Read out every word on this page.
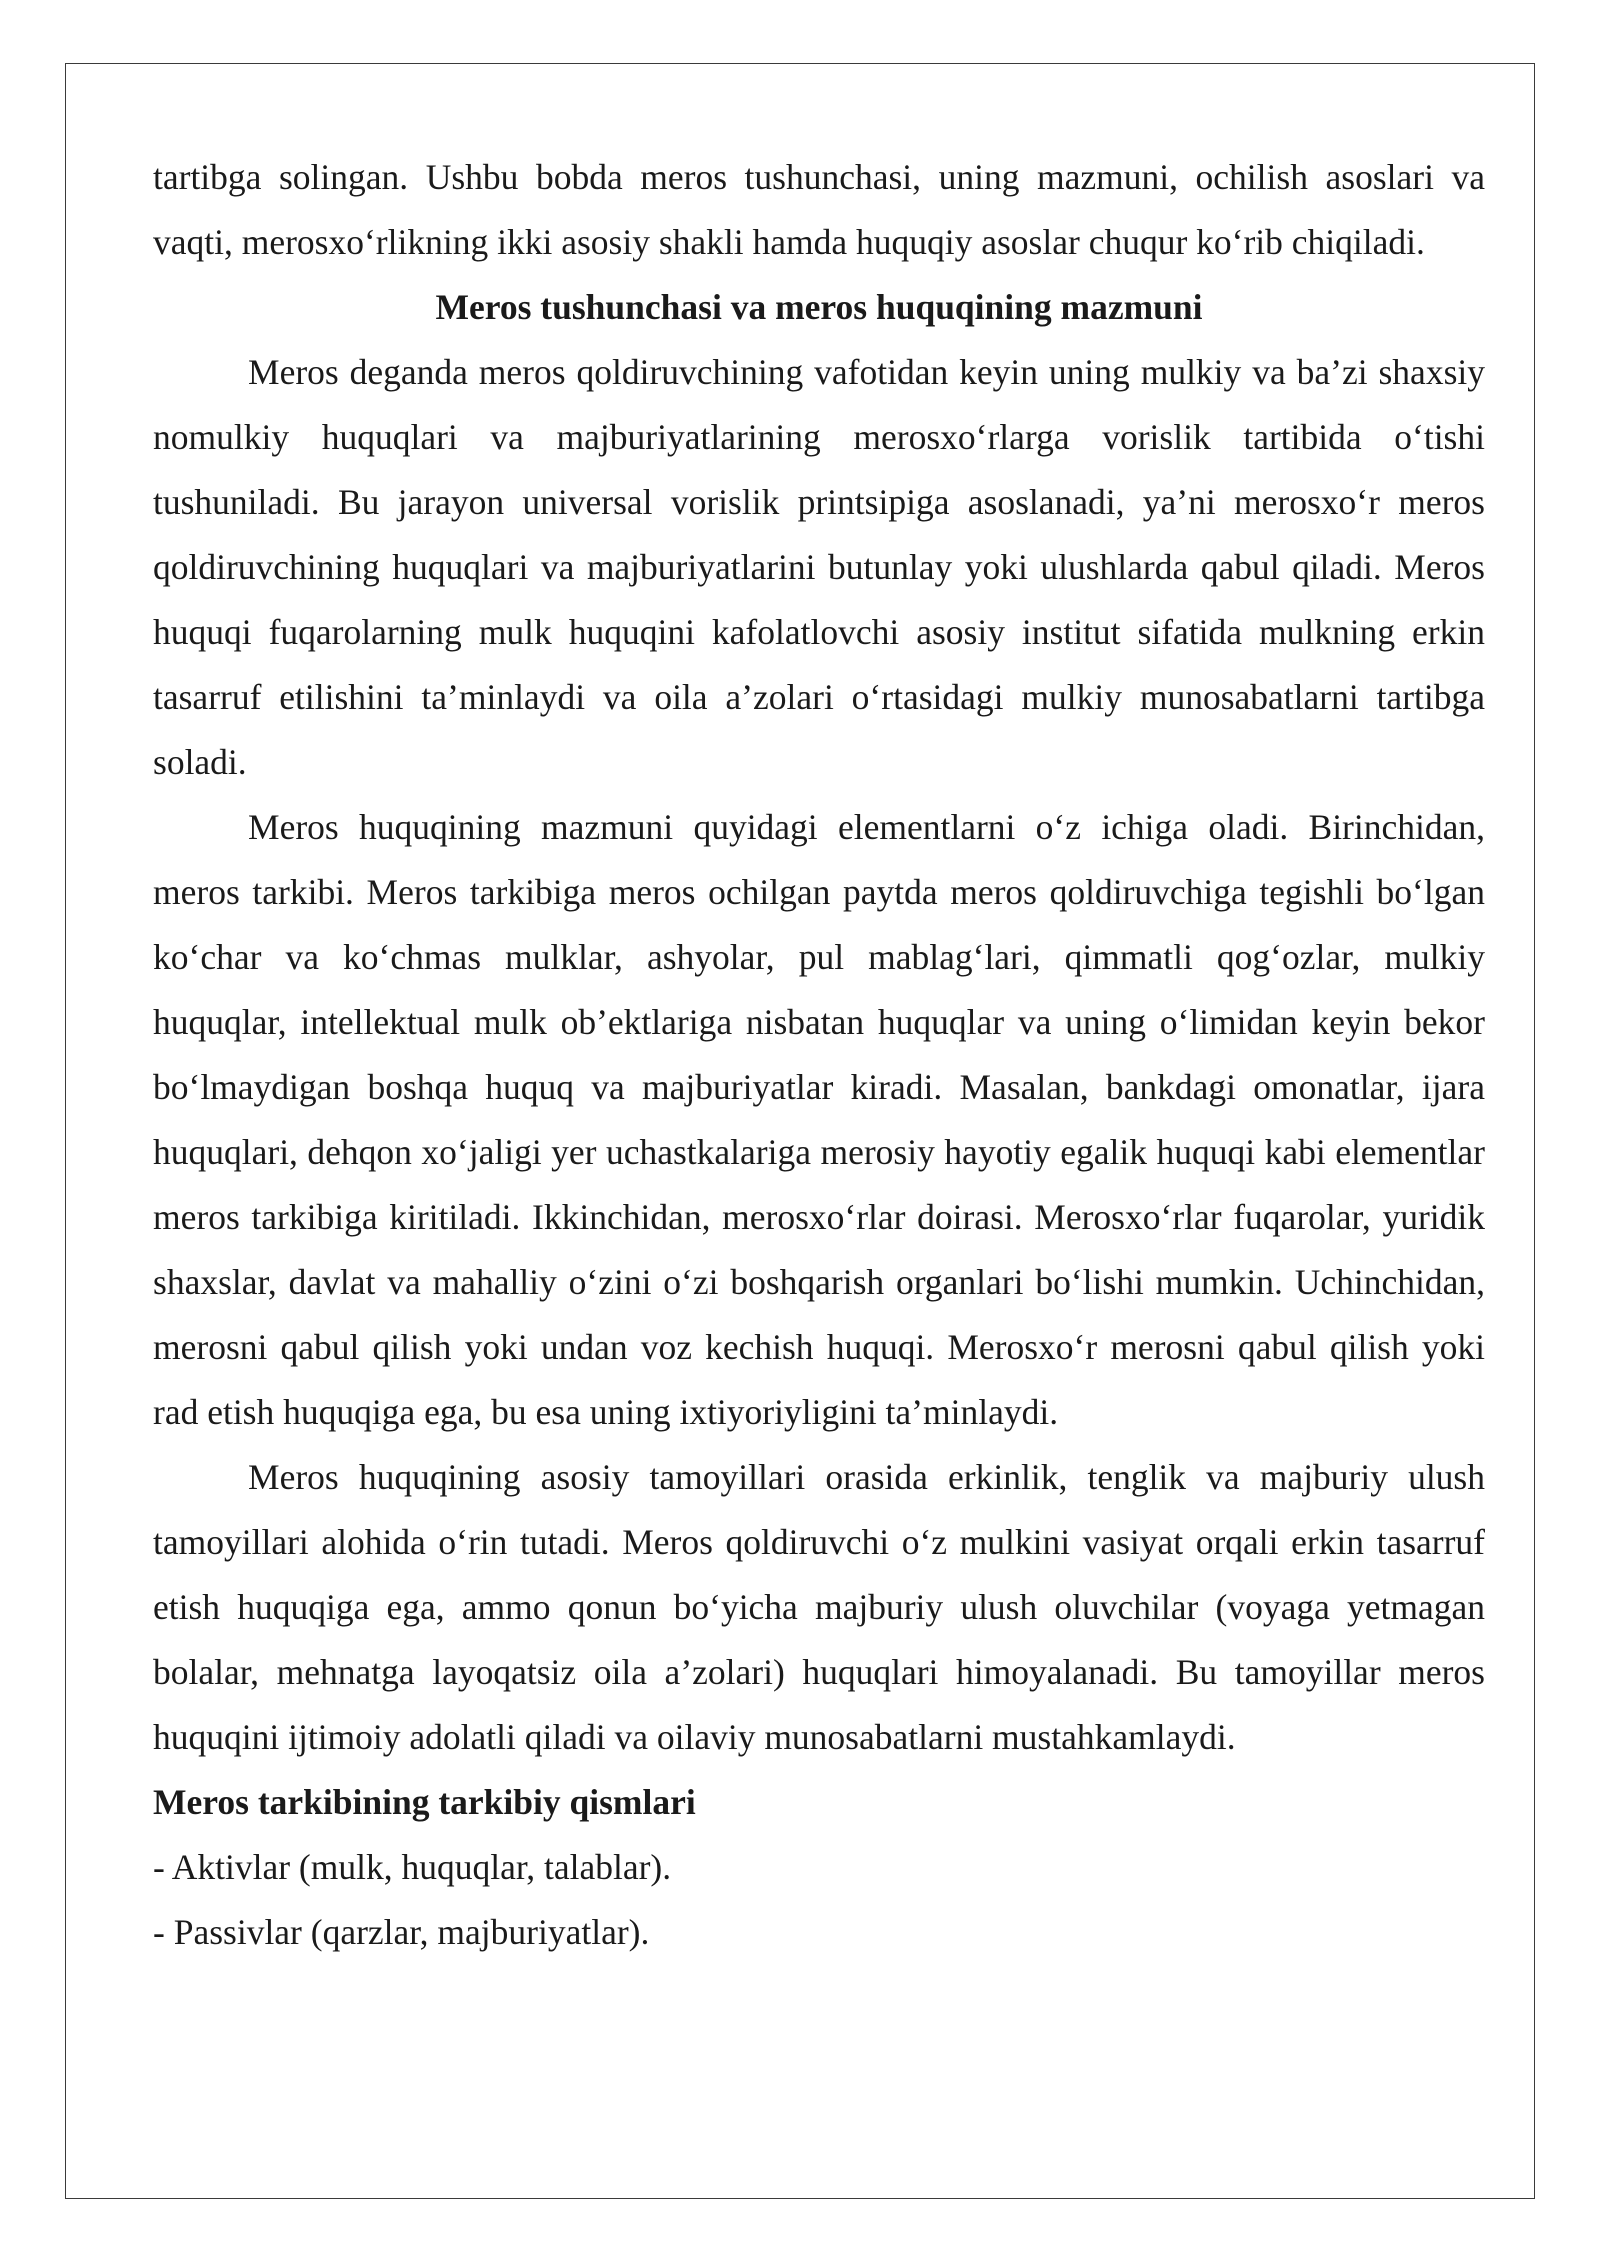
tartibga solingan. Ushbu bobda meros tushunchasi, uning mazmuni, ochilish asoslari va vaqti, merosxo‘rlikning ikki asosiy shakli hamda huquqiy asoslar chuqur ko‘rib chiqiladi.

Meros tushunchasi va meros huquqining mazmuni

Meros deganda meros qoldiruvchining vafotidan keyin uning mulkiy va ba’zi shaxsiy nomulkiy huquqlari va majburiyatlarining merosxo‘rlarga vorislik tartibida o‘tishi tushuniladi. Bu jarayon universal vorislik printsipiga asoslanadi, ya’ni merosxo‘r meros qoldiruvchining huquqlari va majburiyatlarini butunlay yoki ulushlarda qabul qiladi. Meros huquqi fuqarolarning mulk huquqini kafolatlovchi asosiy institut sifatida mulkning erkin tasarruf etilishini ta’minlaydi va oila a’zolari o‘rtasidagi mulkiy munosabatlarni tartibga soladi.

Meros huquqining mazmuni quyidagi elementlarni o‘z ichiga oladi. Birinchidan, meros tarkibi. Meros tarkibiga meros ochilgan paytda meros qoldiruvchiga tegishli bo‘lgan ko‘char va ko‘chmas mulklar, ashyolar, pul mablag‘lari, qimmatli qog‘ozlar, mulkiy huquqlar, intellektual mulk ob’ektlariga nisbatan huquqlar va uning o‘limidan keyin bekor bo‘lmaydigan boshqa huquq va majburiyatlar kiradi. Masalan, bankdagi omonatlar, ijara huquqlari, dehqon xo‘jaligi yer uchastkalariga merosiy hayotiy egalik huquqi kabi elementlar meros tarkibiga kiritiladi. Ikkinchidan, merosxo‘rlar doirasi. Merosxo‘rlar fuqarolar, yuridik shaxslar, davlat va mahalliy o‘zini o‘zi boshqarish organlari bo‘lishi mumkin. Uchinchidan, merosni qabul qilish yoki undan voz kechish huquqi. Merosxo‘r merosni qabul qilish yoki rad etish huquqiga ega, bu esa uning ixtiyoriyligini ta’minlaydi.

Meros huquqining asosiy tamoyillari orasida erkinlik, tenglik va majburiy ulush tamoyillari alohida o‘rin tutadi. Meros qoldiruvchi o‘z mulkini vasiyat orqali erkin tasarruf etish huquqiga ega, ammo qonun bo‘yicha majburiy ulush oluvchilar (voyaga yetmagan bolalar, mehnatga layoqatsiz oila a’zolari) huquqlari himoyalanadi. Bu tamoyillar meros huquqini ijtimoiy adolatli qiladi va oilaviy munosabatlarni mustahkamlaydi.

Meros tarkibining tarkibiy qismlari

- Aktivlar (mulk, huquqlar, talablar).

- Passivlar (qarzlar, majburiyatlar).
